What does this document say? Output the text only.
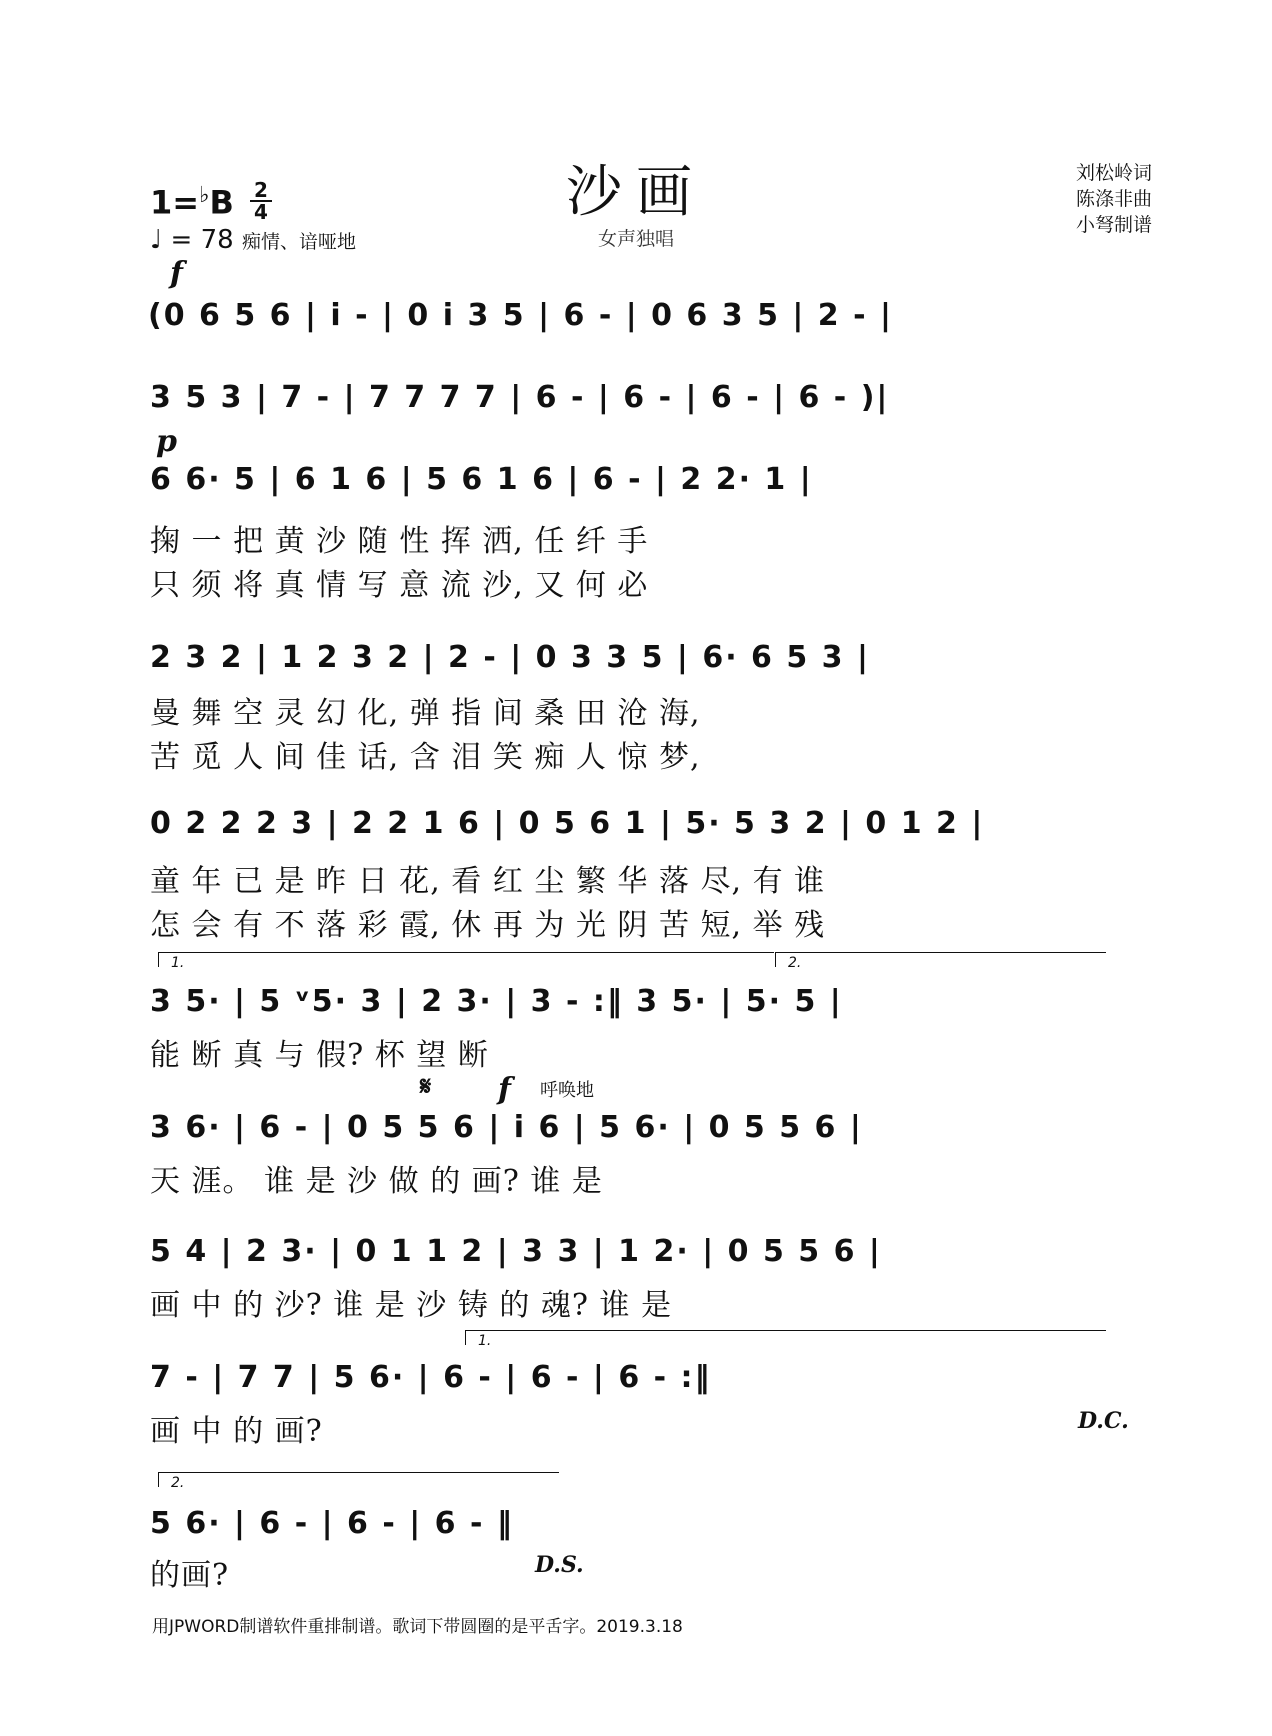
沙画
女声独唱
刘松岭词
陈涤非曲
小弩制谱
1=♭B 2
4
♩ = 78 痴情、谙哑地
f
(0 6 5 6 | i - | 0 i 3 5 | 6 - | 0 6 3 5 | 2 - |
3 5 3 | 7 - | 7 7 7 7 | 6 - | 6 - | 6 - | 6 - )|
p
6 6· 5 | 6 1 6 | 5 6 1 6 | 6 - | 2 2· 1 |
掬 一 把 黄 沙 随 性 挥 洒, 任 纤 手
只 须 将 真 情 写 意 流 沙, 又 何 必
2 3 2 | 1 2 3 2 | 2 - | 0 3 3 5 | 6· 6 5 3 |
曼 舞 空 灵 幻 化, 弹 指 间 桑 田 沧 海,
苦 觅 人 间 佳 话, 含 泪 笑 痴 人 惊 梦,
0 2 2 2 3 | 2 2 1 6 | 0 5 6 1 | 5· 5 3 2 | 0 1 2 |
童 年 已 是 昨 日 花, 看 红 尘 繁 华 落 尽, 有 谁
怎 会 有 不 落 彩 霞, 休 再 为 光 阴 苦 短, 举 残
1.	2.
3 5· | 5 ᵛ5· 3 | 2 3· | 3 - :‖ 3 5· | 5· 5 |
能 断 真 与 假? 杯 望 断
𝄋 f 呼唤地
3 6· | 6 - | 0 5 5 6 | i 6 | 5 6· | 0 5 5 6 |
天 涯。 谁 是 沙 做 的 画? 谁 是
5 4 | 2 3· | 0 1 1 2 | 3 3 | 1 2· | 0 5 5 6 |
画 中 的 沙? 谁 是 沙 铸 的 魂? 谁 是
1.
7 - | 7 7 | 5 6· | 6 - | 6 - | 6 - :‖
画 中 的 画?	D.C.
2.
5 6· | 6 - | 6 - | 6 - ‖
的画?	D.S.
用JPWORD制谱软件重排制谱。歌词下带圆圈的是平舌字。2019.3.18
